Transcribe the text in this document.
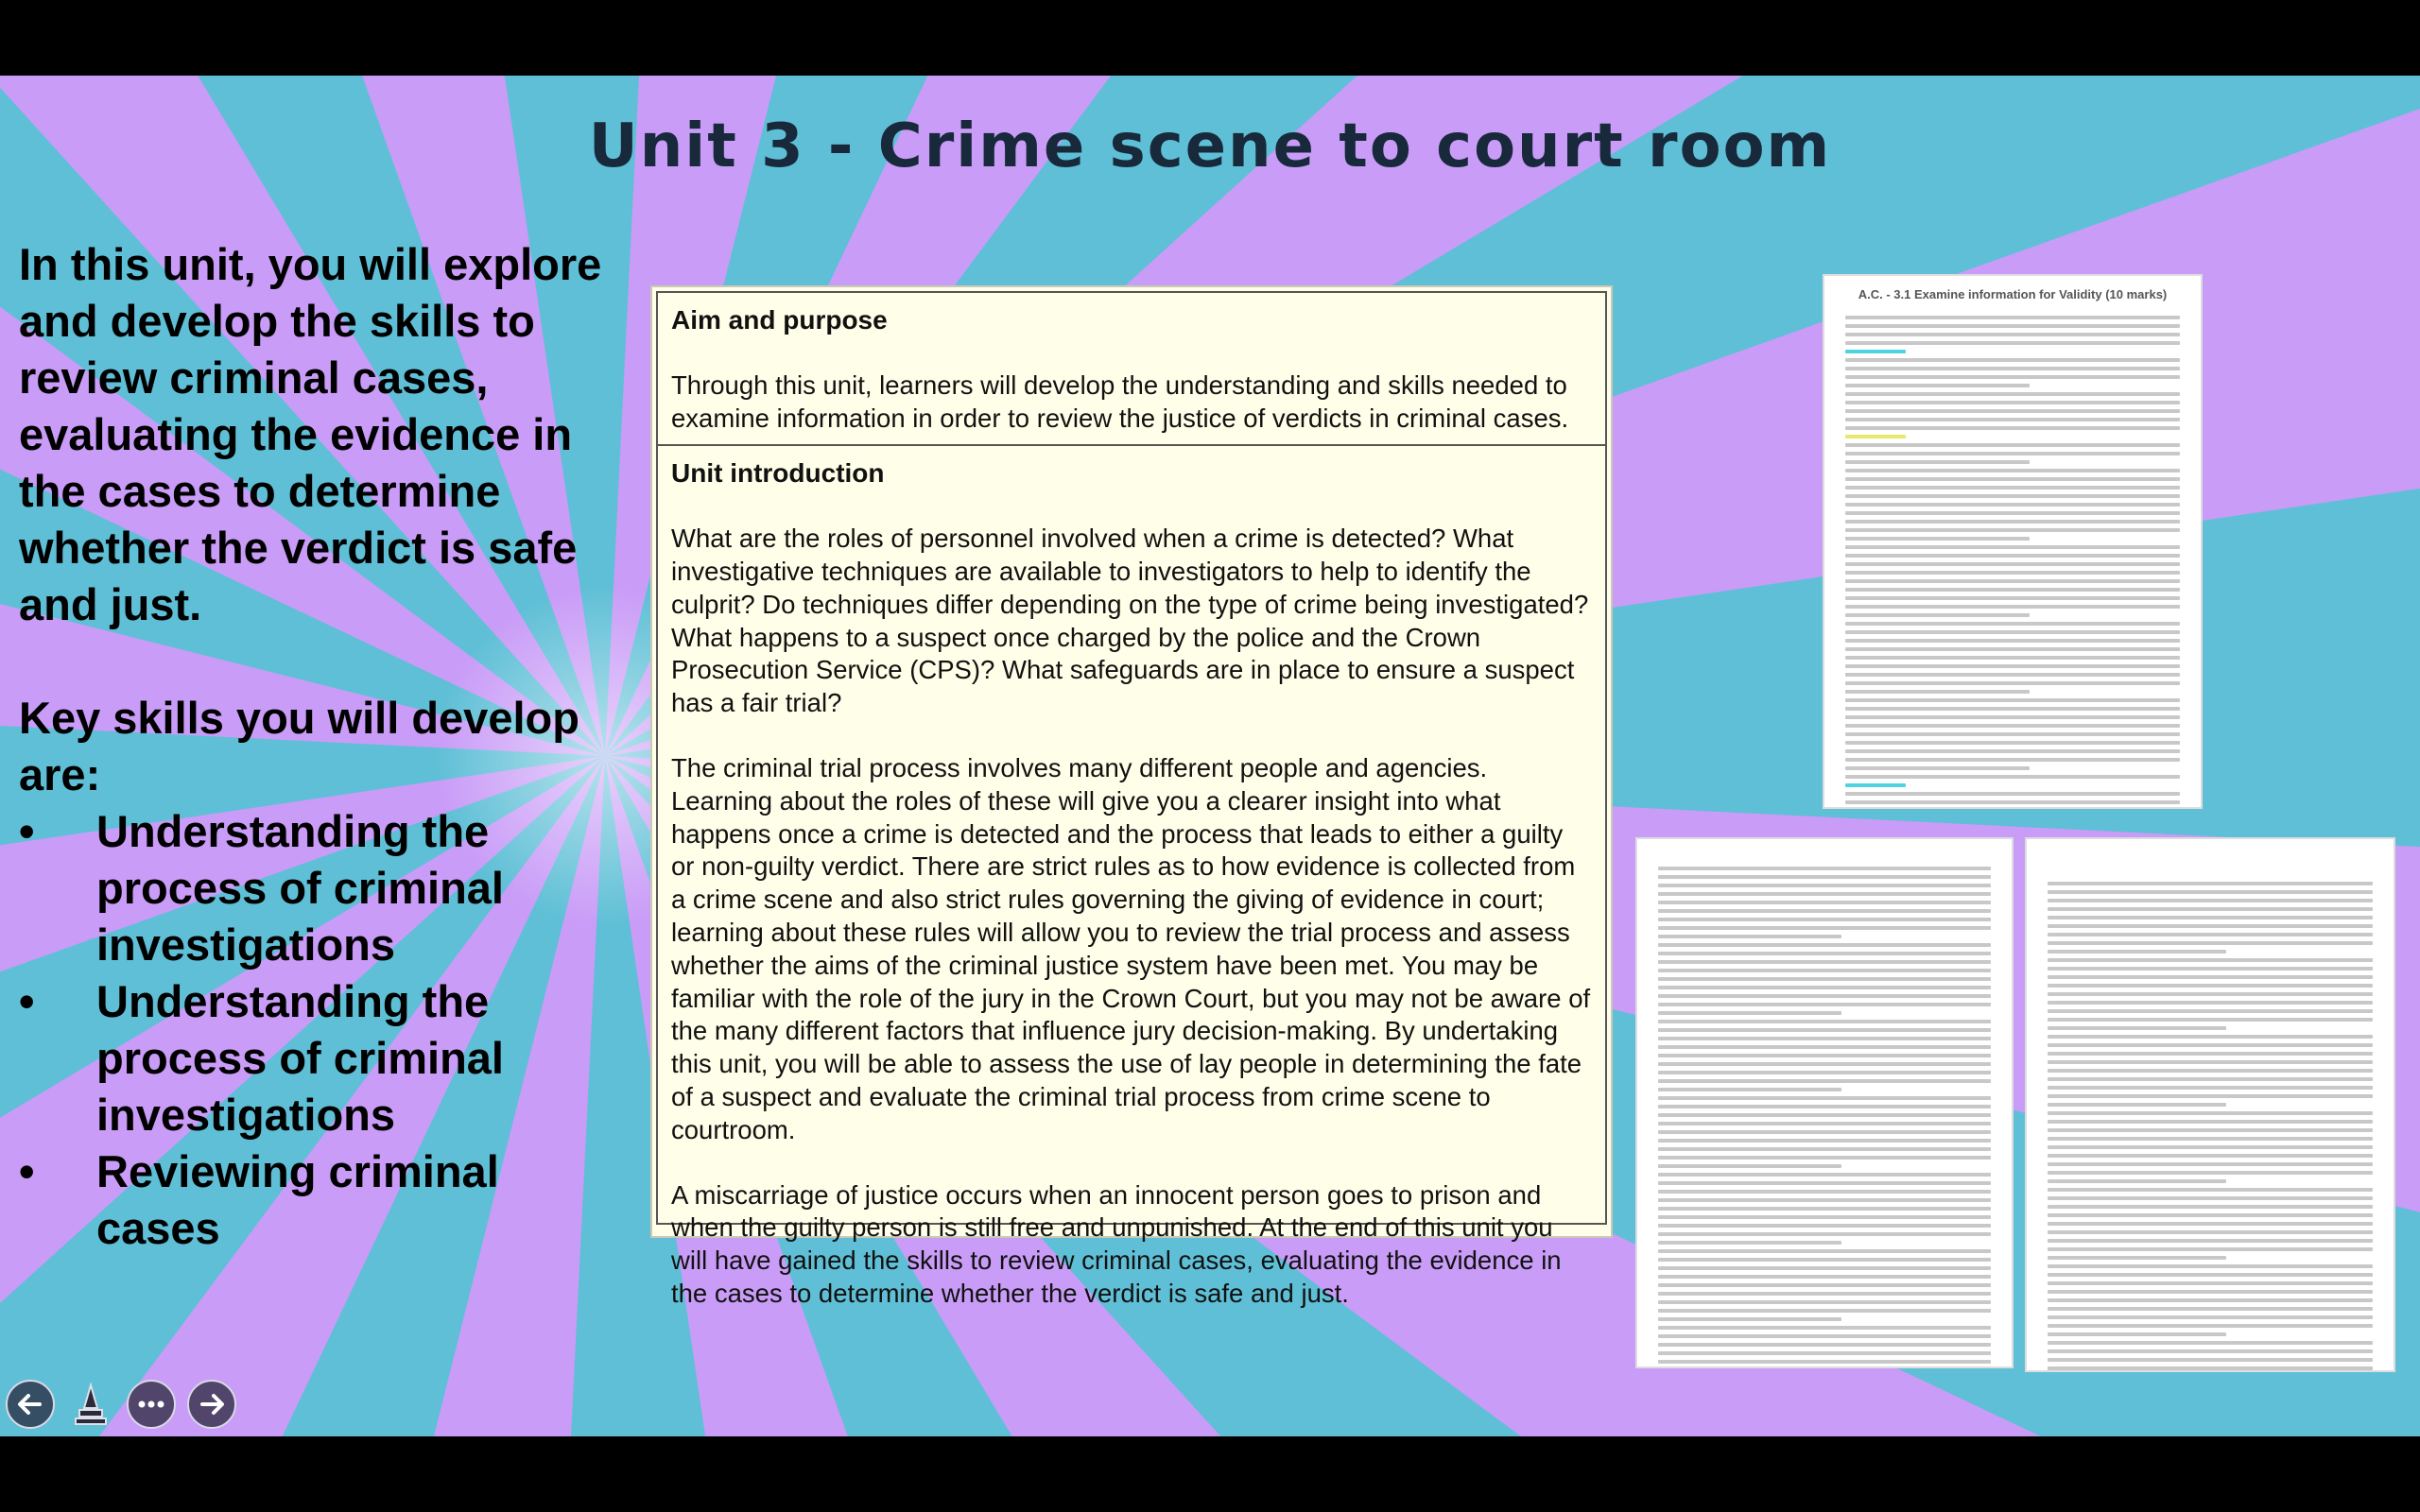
Unit 3 - Crime scene to court room
In this unit, you will explore and develop the skills to review criminal cases, evaluating the evidence in the cases to determine whether the verdict is safe and just.
Key skills you will develop are:
• Understanding the process of criminal investigations
• Understanding the process of criminal investigations
• Reviewing criminal cases
Aim and purpose

Through this unit, learners will develop the understanding and skills needed to examine information in order to review the justice of verdicts in criminal cases.

Unit introduction

What are the roles of personnel involved when a crime is detected? What investigative techniques are available to investigators to help to identify the culprit? Do techniques differ depending on the type of crime being investigated? What happens to a suspect once charged by the police and the Crown Prosecution Service (CPS)? What safeguards are in place to ensure a suspect has a fair trial?

The criminal trial process involves many different people and agencies. Learning about the roles of these will give you a clearer insight into what happens once a crime is detected and the process that leads to either a guilty or non-guilty verdict. There are strict rules as to how evidence is collected from a crime scene and also strict rules governing the giving of evidence in court; learning about these rules will allow you to review the trial process and assess whether the aims of the criminal justice system have been met. You may be familiar with the role of the jury in the Crown Court, but you may not be aware of the many different factors that influence jury decision-making. By undertaking this unit, you will be able to assess the use of lay people in determining the fate of a suspect and evaluate the criminal trial process from crime scene to courtroom.

A miscarriage of justice occurs when an innocent person goes to prison and when the guilty person is still free and unpunished. At the end of this unit you will have gained the skills to review criminal cases, evaluating the evidence in the cases to determine whether the verdict is safe and just.

A.C. - 3.1 Examine information for Validity (10 marks)
